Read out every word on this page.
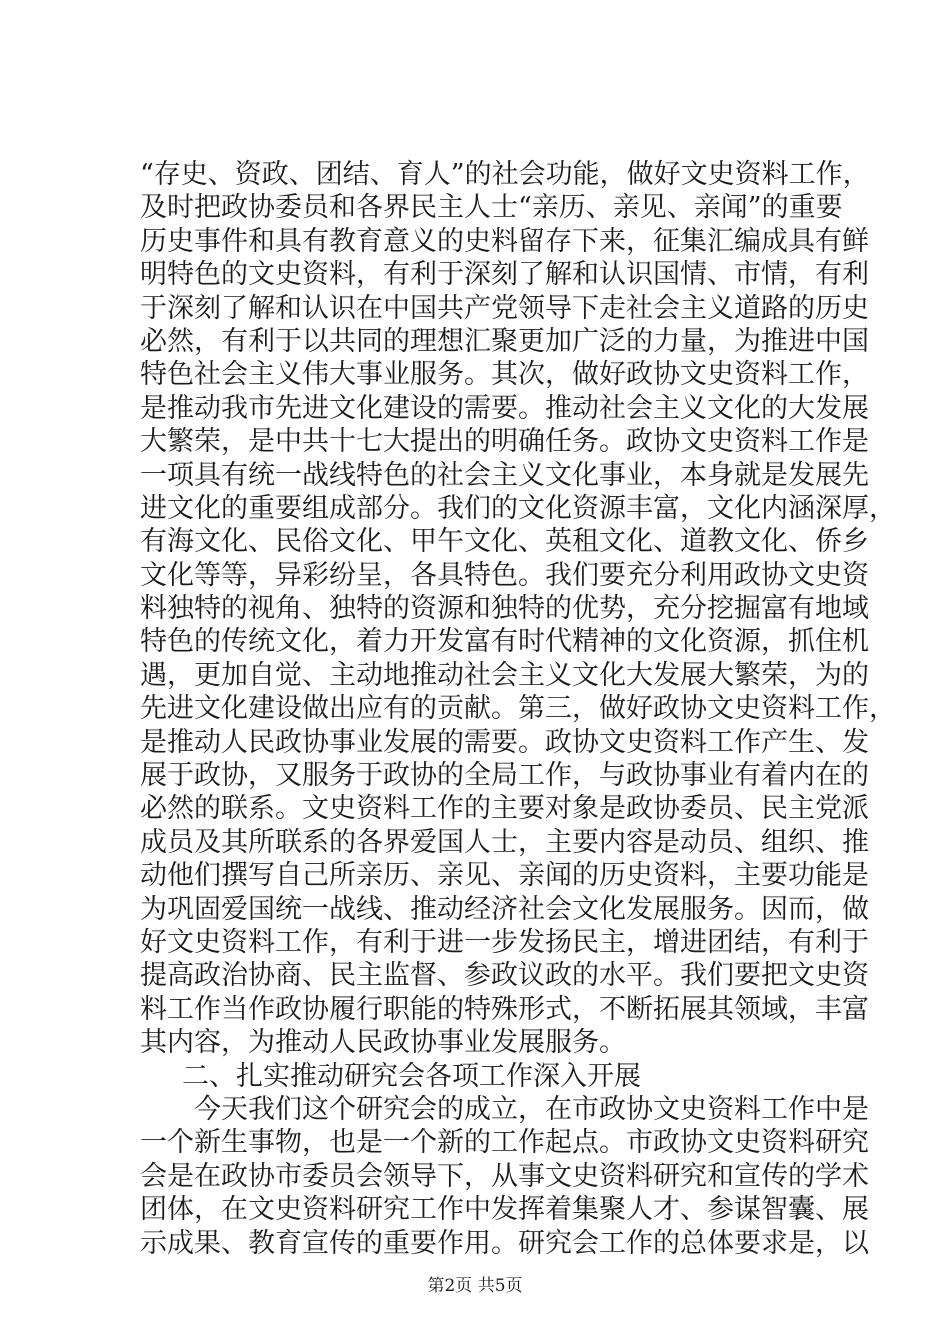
“存史、资政、团结、育人”的社会功能，做好文史资料工作，
及时把政协委员和各界民主人士“亲历、亲见、亲闻”的重要
历史事件和具有教育意义的史料留存下来，征集汇编成具有鲜
明特色的文史资料，有利于深刻了解和认识国情、市情，有利
于深刻了解和认识在中国共产党领导下走社会主义道路的历史
必然，有利于以共同的理想汇聚更加广泛的力量，为推进中国
特色社会主义伟大事业服务。其次，做好政协文史资料工作，
是推动我市先进文化建设的需要。推动社会主义文化的大发展
大繁荣，是中共十七大提出的明确任务。政协文史资料工作是
一项具有统一战线特色的社会主义文化事业，本身就是发展先
进文化的重要组成部分。我们的文化资源丰富，文化内涵深厚，
有海文化、民俗文化、甲午文化、英租文化、道教文化、侨乡
文化等等，异彩纷呈，各具特色。我们要充分利用政协文史资
料独特的视角、独特的资源和独特的优势，充分挖掘富有地域
特色的传统文化，着力开发富有时代精神的文化资源，抓住机
遇，更加自觉、主动地推动社会主义文化大发展大繁荣，为的
先进文化建设做出应有的贡献。第三，做好政协文史资料工作，
是推动人民政协事业发展的需要。政协文史资料工作产生、发
展于政协，又服务于政协的全局工作，与政协事业有着内在的
必然的联系。文史资料工作的主要对象是政协委员、民主党派
成员及其所联系的各界爱国人士，主要内容是动员、组织、推
动他们撰写自己所亲历、亲见、亲闻的历史资料，主要功能是
为巩固爱国统一战线、推动经济社会文化发展服务。因而，做
好文史资料工作，有利于进一步发扬民主，增进团结，有利于
提高政治协商、民主监督、参政议政的水平。我们要把文史资
料工作当作政协履行职能的特殊形式，不断拓展其领域，丰富
其内容，为推动人民政协事业发展服务。
二、扎实推动研究会各项工作深入开展
今天我们这个研究会的成立，在市政协文史资料工作中是
一个新生事物，也是一个新的工作起点。市政协文史资料研究
会是在政协市委员会领导下，从事文史资料研究和宣传的学术
团体，在文史资料研究工作中发挥着集聚人才、参谋智囊、展
示成果、教育宣传的重要作用。研究会工作的总体要求是，以
第2页 共5页
